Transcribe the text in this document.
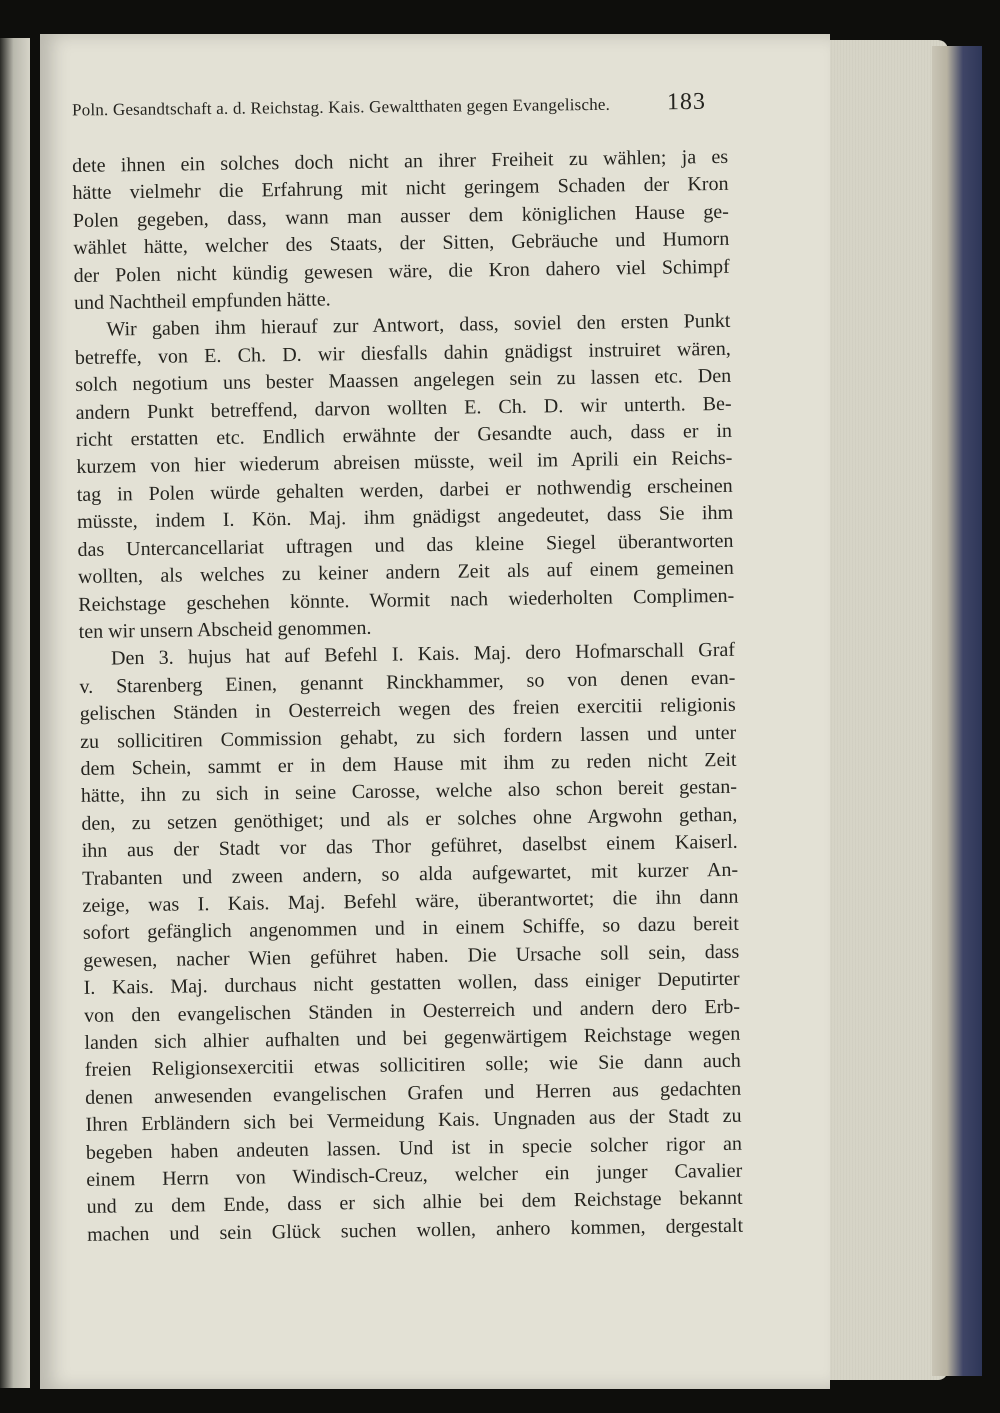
Poln. Gesandtschaft a. d. Reichstag. Kais. Gewaltthaten gegen Evangelische. 183

dete ihnen ein solches doch nicht an ihrer Freiheit zu wählen; ja es
hätte vielmehr die Erfahrung mit nicht geringem Schaden der Kron
Polen gegeben, dass, wann man ausser dem königlichen Hause ge-
wählet hätte, welcher des Staats, der Sitten, Gebräuche und Humorn
der Polen nicht kündig gewesen wäre, die Kron dahero viel Schimpf
und Nachtheil empfunden hätte.

Wir gaben ihm hierauf zur Antwort, dass, soviel den ersten Punkt
betreffe, von E. Ch. D. wir diesfalls dahin gnädigst instruiret wären,
solch negotium uns bester Maassen angelegen sein zu lassen etc. Den
andern Punkt betreffend, darvon wollten E. Ch. D. wir unterth. Be-
richt erstatten etc. Endlich erwähnte der Gesandte auch, dass er in
kurzem von hier wiederum abreisen müsste, weil im Aprili ein Reichs-
tag in Polen würde gehalten werden, darbei er nothwendig erscheinen
müsste, indem I. Kön. Maj. ihm gnädigst angedeutet, dass Sie ihm
das Untercancellariat uftragen und das kleine Siegel überantworten
wollten, als welches zu keiner andern Zeit als auf einem gemeinen
Reichstage geschehen könnte. Wormit nach wiederholten Complimen-
ten wir unsern Abscheid genommen.

Den 3. hujus hat auf Befehl I. Kais. Maj. dero Hofmarschall Graf
v. Starenberg Einen, genannt Rinckhammer, so von denen evan-
gelischen Ständen in Oesterreich wegen des freien exercitii religionis
zu sollicitiren Commission gehabt, zu sich fordern lassen und unter
dem Schein, sammt er in dem Hause mit ihm zu reden nicht Zeit
hätte, ihn zu sich in seine Carosse, welche also schon bereit gestan-
den, zu setzen genöthiget; und als er solches ohne Argwohn gethan,
ihn aus der Stadt vor das Thor geführet, daselbst einem Kaiserl.
Trabanten und zween andern, so alda aufgewartet, mit kurzer An-
zeige, was I. Kais. Maj. Befehl wäre, überantwortet; die ihn dann
sofort gefänglich angenommen und in einem Schiffe, so dazu bereit
gewesen, nacher Wien geführet haben. Die Ursache soll sein, dass
I. Kais. Maj. durchaus nicht gestatten wollen, dass einiger Deputirter
von den evangelischen Ständen in Oesterreich und andern dero Erb-
landen sich alhier aufhalten und bei gegenwärtigem Reichstage wegen
freien Religionsexercitii etwas sollicitiren solle; wie Sie dann auch
denen anwesenden evangelischen Grafen und Herren aus gedachten
Ihren Erbländern sich bei Vermeidung Kais. Ungnaden aus der Stadt zu
begeben haben andeuten lassen. Und ist in specie solcher rigor an
einem Herrn von Windisch-Creuz, welcher ein junger Cavalier
und zu dem Ende, dass er sich alhie bei dem Reichstage bekannt
machen und sein Glück suchen wollen, anhero kommen, dergestalt
